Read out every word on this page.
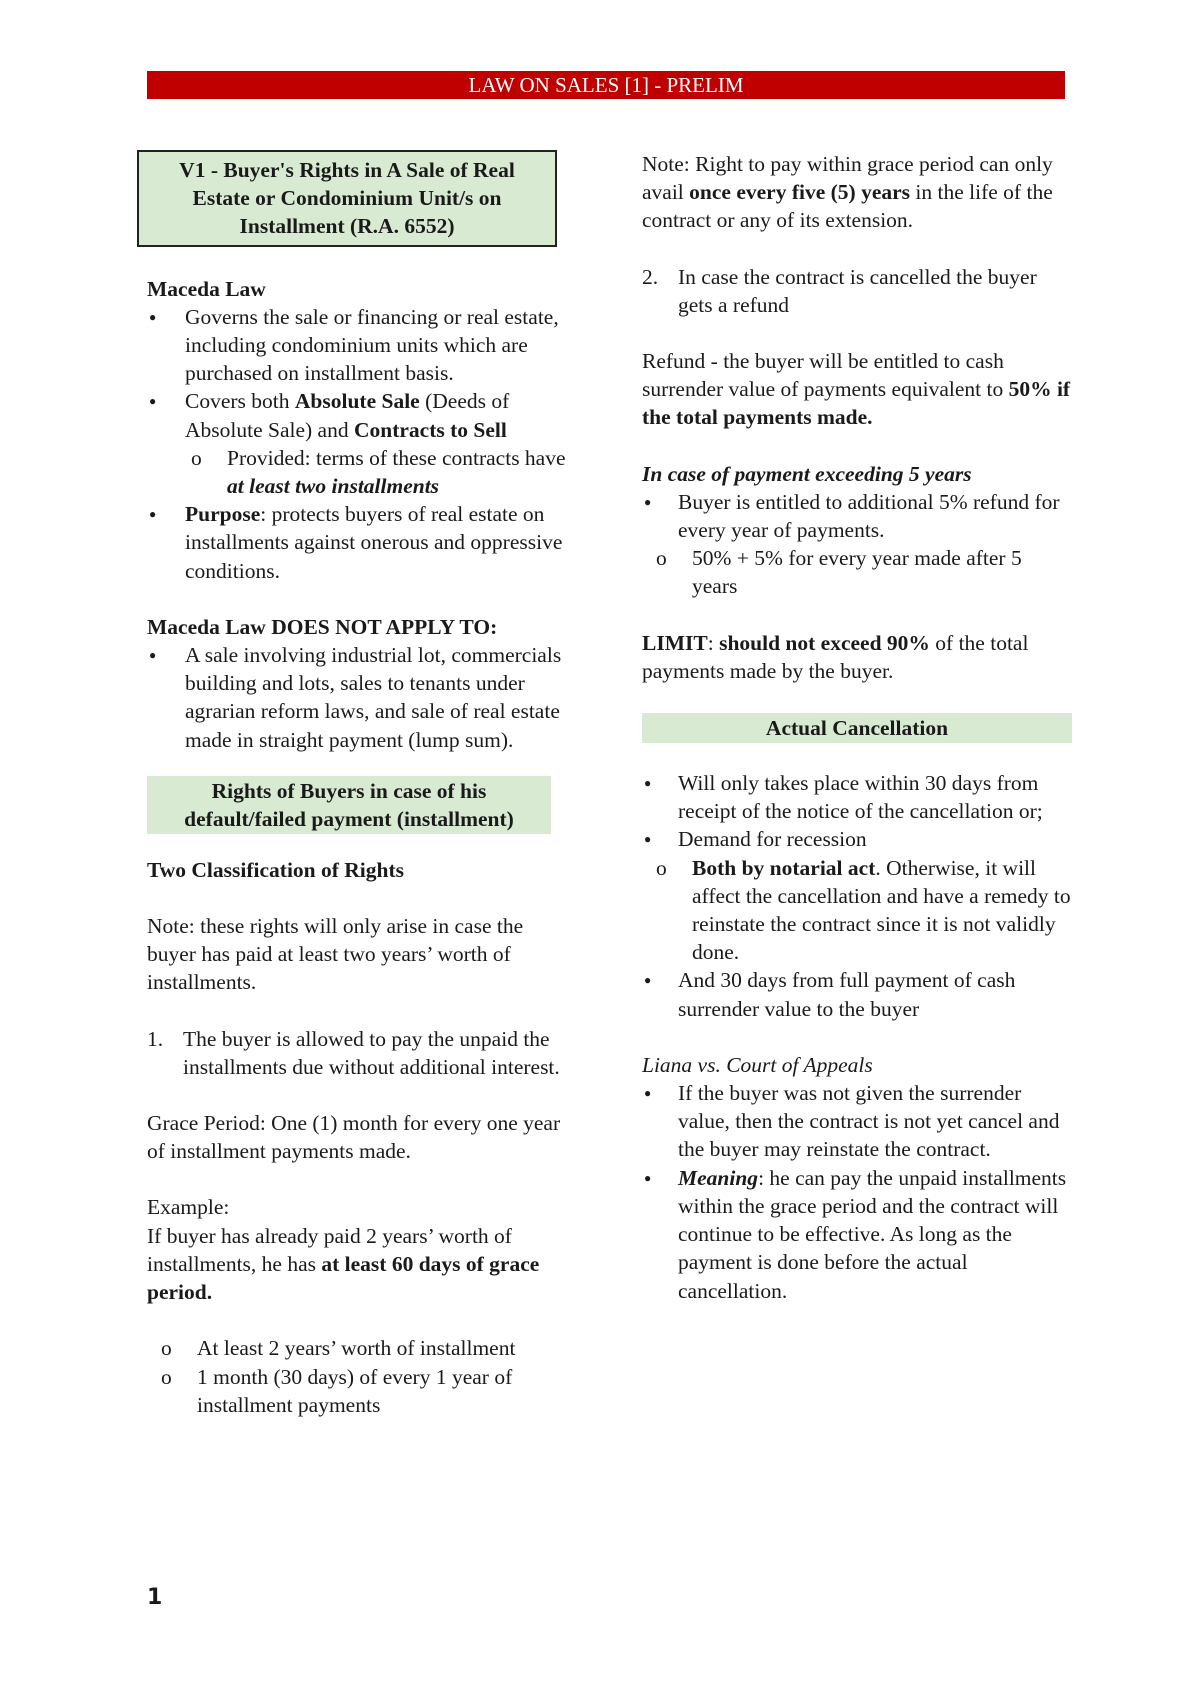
LAW ON SALES [1] - PRELIM
V1 - Buyer's Rights in A Sale of Real Estate or Condominium Unit/s on Installment (R.A. 6552)

Maceda Law

● Governs the sale or financing or real estate, including condominium units which are purchased on installment basis.
● Covers both Absolute Sale (Deeds of Absolute Sale) and Contracts to Sell
o Provided: terms of these contracts have at least two installments
● Purpose: protects buyers of real estate on installments against onerous and oppressive conditions.

Maceda Law DOES NOT APPLY TO:

● A sale involving industrial lot, commercials building and lots, sales to tenants under agrarian reform laws, and sale of real estate made in straight payment (lump sum).
Rights of Buyers in case of his default/failed payment (installment)

Two Classification of Rights

Note: these rights will only arise in case the buyer has paid at least two years’ worth of installments.

1. The buyer is allowed to pay the unpaid the installments due without additional interest.

Grace Period: One (1) month for every one year of installment payments made.

Example:

If buyer has already paid 2 years’ worth of installments, he has at least 60 days of grace period.

o At least 2 years’ worth of installment
o 1 month (30 days) of every 1 year of installment payments

Note: Right to pay within grace period can only avail once every five (5) years in the life of the contract or any of its extension.

2. In case the contract is cancelled the buyer gets a refund

Refund - the buyer will be entitled to cash surrender value of payments equivalent to 50% if the total payments made.

In case of payment exceeding 5 years

● Buyer is entitled to additional 5% refund for every year of payments.
o 50% + 5% for every year made after 5 years

LIMIT: should not exceed 90% of the total payments made by the buyer.

Actual Cancellation
● Will only takes place within 30 days from receipt of the notice of the cancellation or;
● Demand for recession
o Both by notarial act. Otherwise, it will affect the cancellation and have a remedy to reinstate the contract since it is not validly done.
● And 30 days from full payment of cash surrender value to the buyer

Liana vs. Court of Appeals

● If the buyer was not given the surrender value, then the contract is not yet cancel and the buyer may reinstate the contract.
● Meaning: he can pay the unpaid installments within the grace period and the contract will continue to be effective. As long as the payment is done before the actual cancellation.
1
